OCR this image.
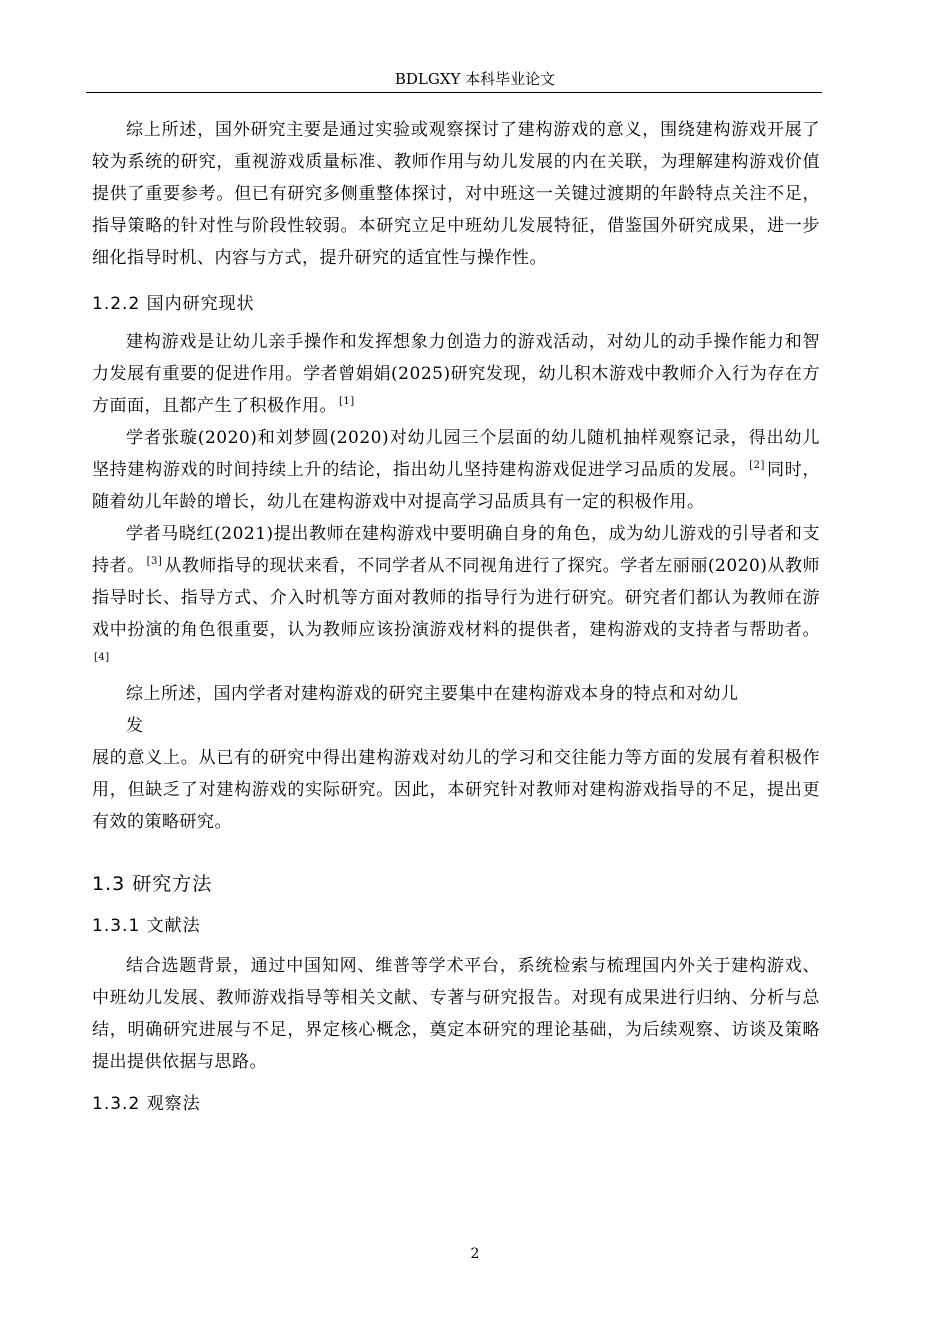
BDLGXY 本科毕业论文

综上所述，国外研究主要是通过实验或观察探讨了建构游戏的意义，围绕建构游戏开展了较为系统的研究，重视游戏质量标准、教师作用与幼儿发展的内在关联，为理解建构游戏价值提供了重要参考。但已有研究多侧重整体探讨，对中班这一关键过渡期的年龄特点关注不足，指导策略的针对性与阶段性较弱。本研究立足中班幼儿发展特征，借鉴国外研究成果，进一步细化指导时机、内容与方式，提升研究的适宜性与操作性。

1.2.2 国内研究现状

建构游戏是让幼儿亲手操作和发挥想象力创造力的游戏活动，对幼儿的动手操作能力和智力发展有重要的促进作用。学者曾娟娟(2025)研究发现，幼儿积木游戏中教师介入行为存在方方面面，且都产生了积极作用。 [1]

学者张璇(2020)和刘梦圆(2020)对幼儿园三个层面的幼儿随机抽样观察记录，得出幼儿坚持建构游戏的时间持续上升的结论，指出幼儿坚持建构游戏促进学习品质的发展。 [2] 同时，随着幼儿年龄的增长，幼儿在建构游戏中对提高学习品质具有一定的积极作用。

学者马晓红(2021)提出教师在建构游戏中要明确自身的角色，成为幼儿游戏的引导者和支持者。 [3] 从教师指导的现状来看，不同学者从不同视角进行了探究。学者左丽丽(2020)从教师指导时长、指导方式、介入时机等方面对教师的指导行为进行研究。研究者们都认为教师在游戏中扮演的角色很重要，认为教师应该扮演游戏材料的提供者，建构游戏的支持者与帮助者。[4]

综上所述，国内学者对建构游戏的研究主要集中在建构游戏本身的特点和对幼儿

发

展的意义上。从已有的研究中得出建构游戏对幼儿的学习和交往能力等方面的发展有着积极作用，但缺乏了对建构游戏的实际研究。因此，本研究针对教师对建构游戏指导的不足，提出更有效的策略研究。

1.3 研究方法
1.3.1 文献法

结合选题背景，通过中国知网、维普等学术平台，系统检索与梳理国内外关于建构游戏、中班幼儿发展、教师游戏指导等相关文献、专著与研究报告。对现有成果进行归纳、分析与总结，明确研究进展与不足，界定核心概念，奠定本研究的理论基础，为后续观察、访谈及策略提出提供依据与思路。

1.3.2 观察法
2
